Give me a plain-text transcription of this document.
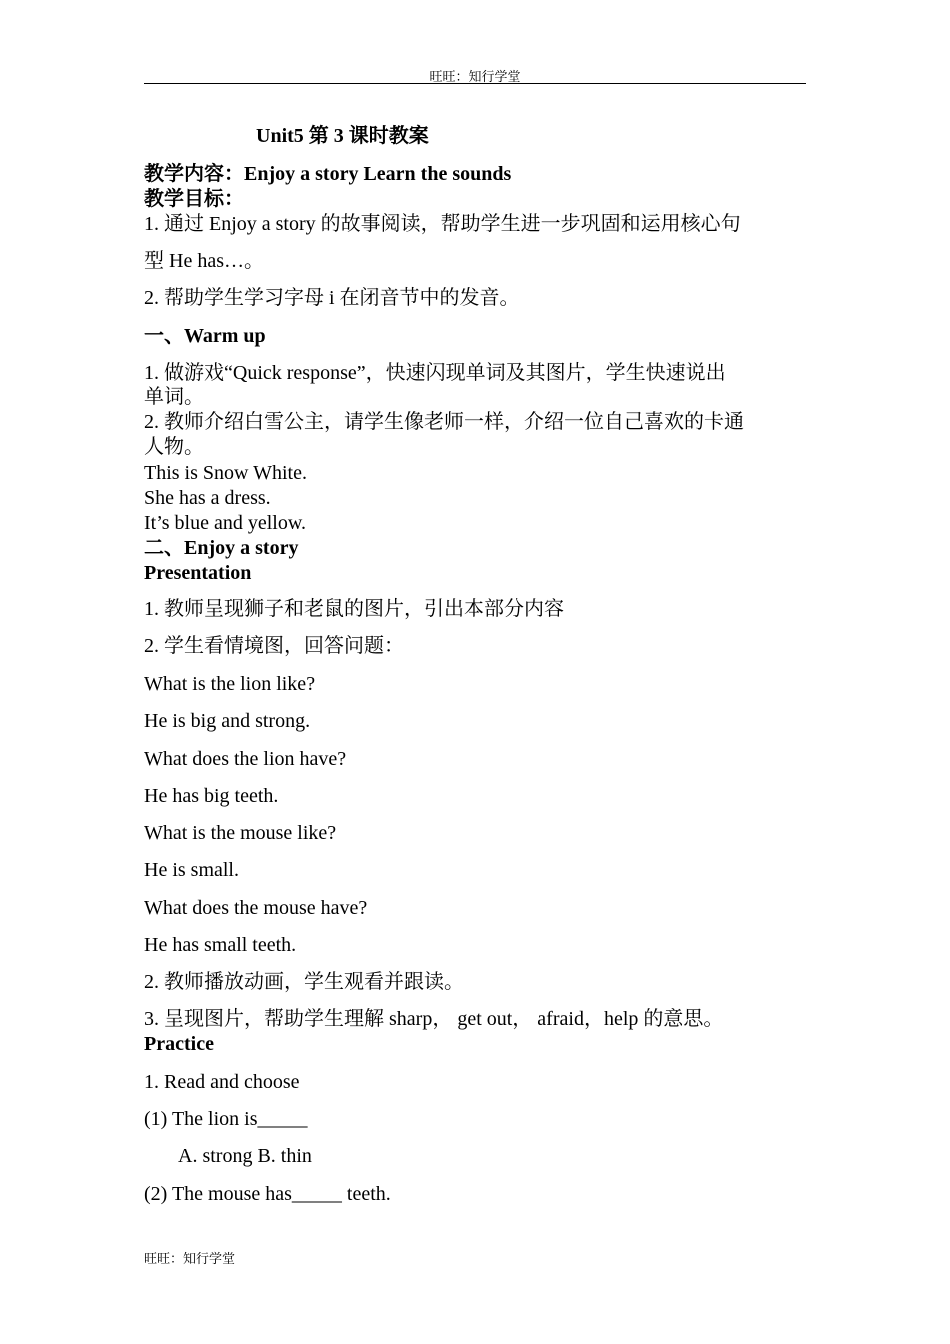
旺旺：知行学堂
Unit5 第 3 课时教案
教学内容：Enjoy a story Learn the sounds
教学目标：
1. 通过 Enjoy a story 的故事阅读，帮助学生进一步巩固和运用核心句
型 He has…。
2. 帮助学生学习字母 i 在闭音节中的发音。
一、Warm up
1. 做游戏“Quick response”，快速闪现单词及其图片，学生快速说出
单词。
2. 教师介绍白雪公主，请学生像老师一样，介绍一位自己喜欢的卡通
人物。
This is Snow White.
She has a dress.
It’s blue and yellow.
二、Enjoy a story
Presentation
1. 教师呈现狮子和老鼠的图片，引出本部分内容
2. 学生看情境图，回答问题：
What is the lion like?
He is big and strong.
What does the lion have?
He has big teeth.
What is the mouse like?
He is small.
What does the mouse have?
He has small teeth.
2. 教师播放动画，学生观看并跟读。
3. 呈现图片，帮助学生理解 sharp， get out， afraid，help 的意思。
Practice
1. Read and choose
(1) The lion is_____
A. strong B. thin
(2) The mouse has_____ teeth.
旺旺：知行学堂
